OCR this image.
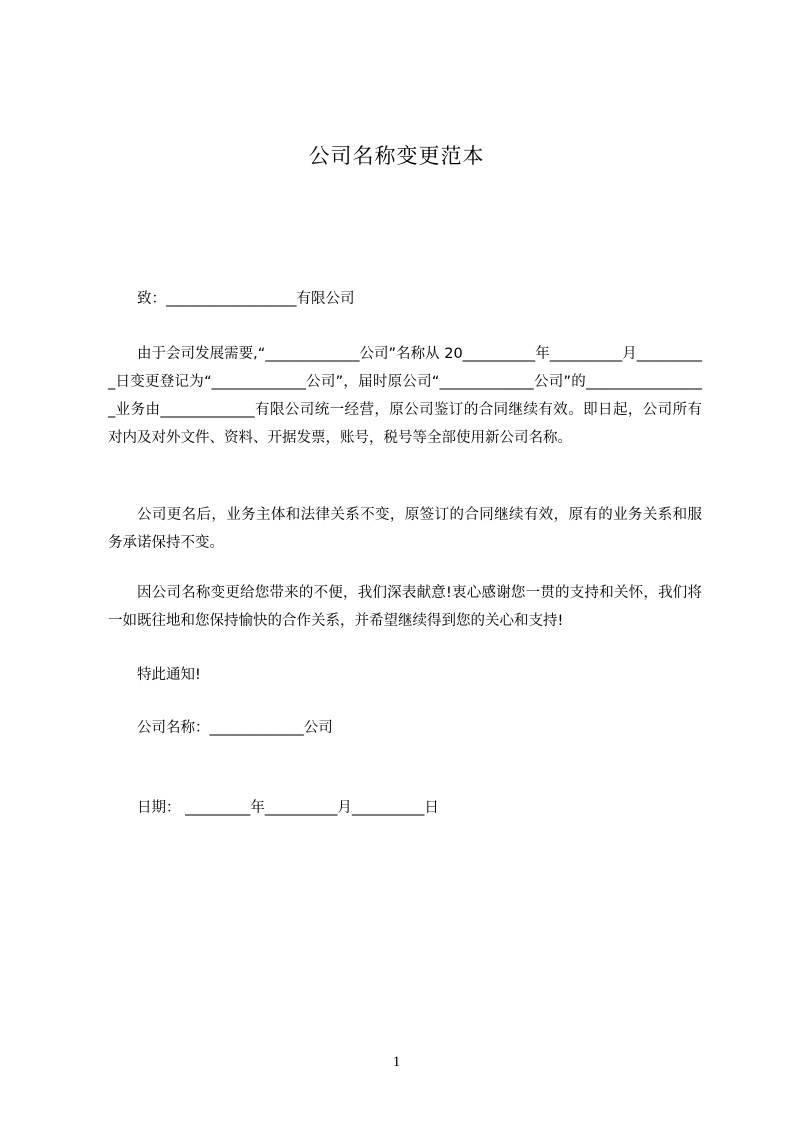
公司名称变更范本
致：__________________有限公司
由于会司发展需要,“_____________公司”名称从 20__________年__________月__________日变更登记为“_____________公司”，届时原公司“_____________公司”的_________________业务由_____________有限公司统一经营，原公司鉴订的合同继续有效。即日起，公司所有对内及对外文件、资料、开据发票，账号，税号等全部使用新公司名称。
公司更名后，业务主体和法律关系不变，原签订的合同继续有效，原有的业务关系和服务承诺保持不变。
因公司名称变更给您带来的不便，我们深表献意!衷心感谢您一贯的支持和关怀，我们将一如既往地和您保持愉快的合作关系，并希望继续得到您的关心和支持!
特此通知!
公司名称：_____________公司
日期： _________年__________月__________日
1
